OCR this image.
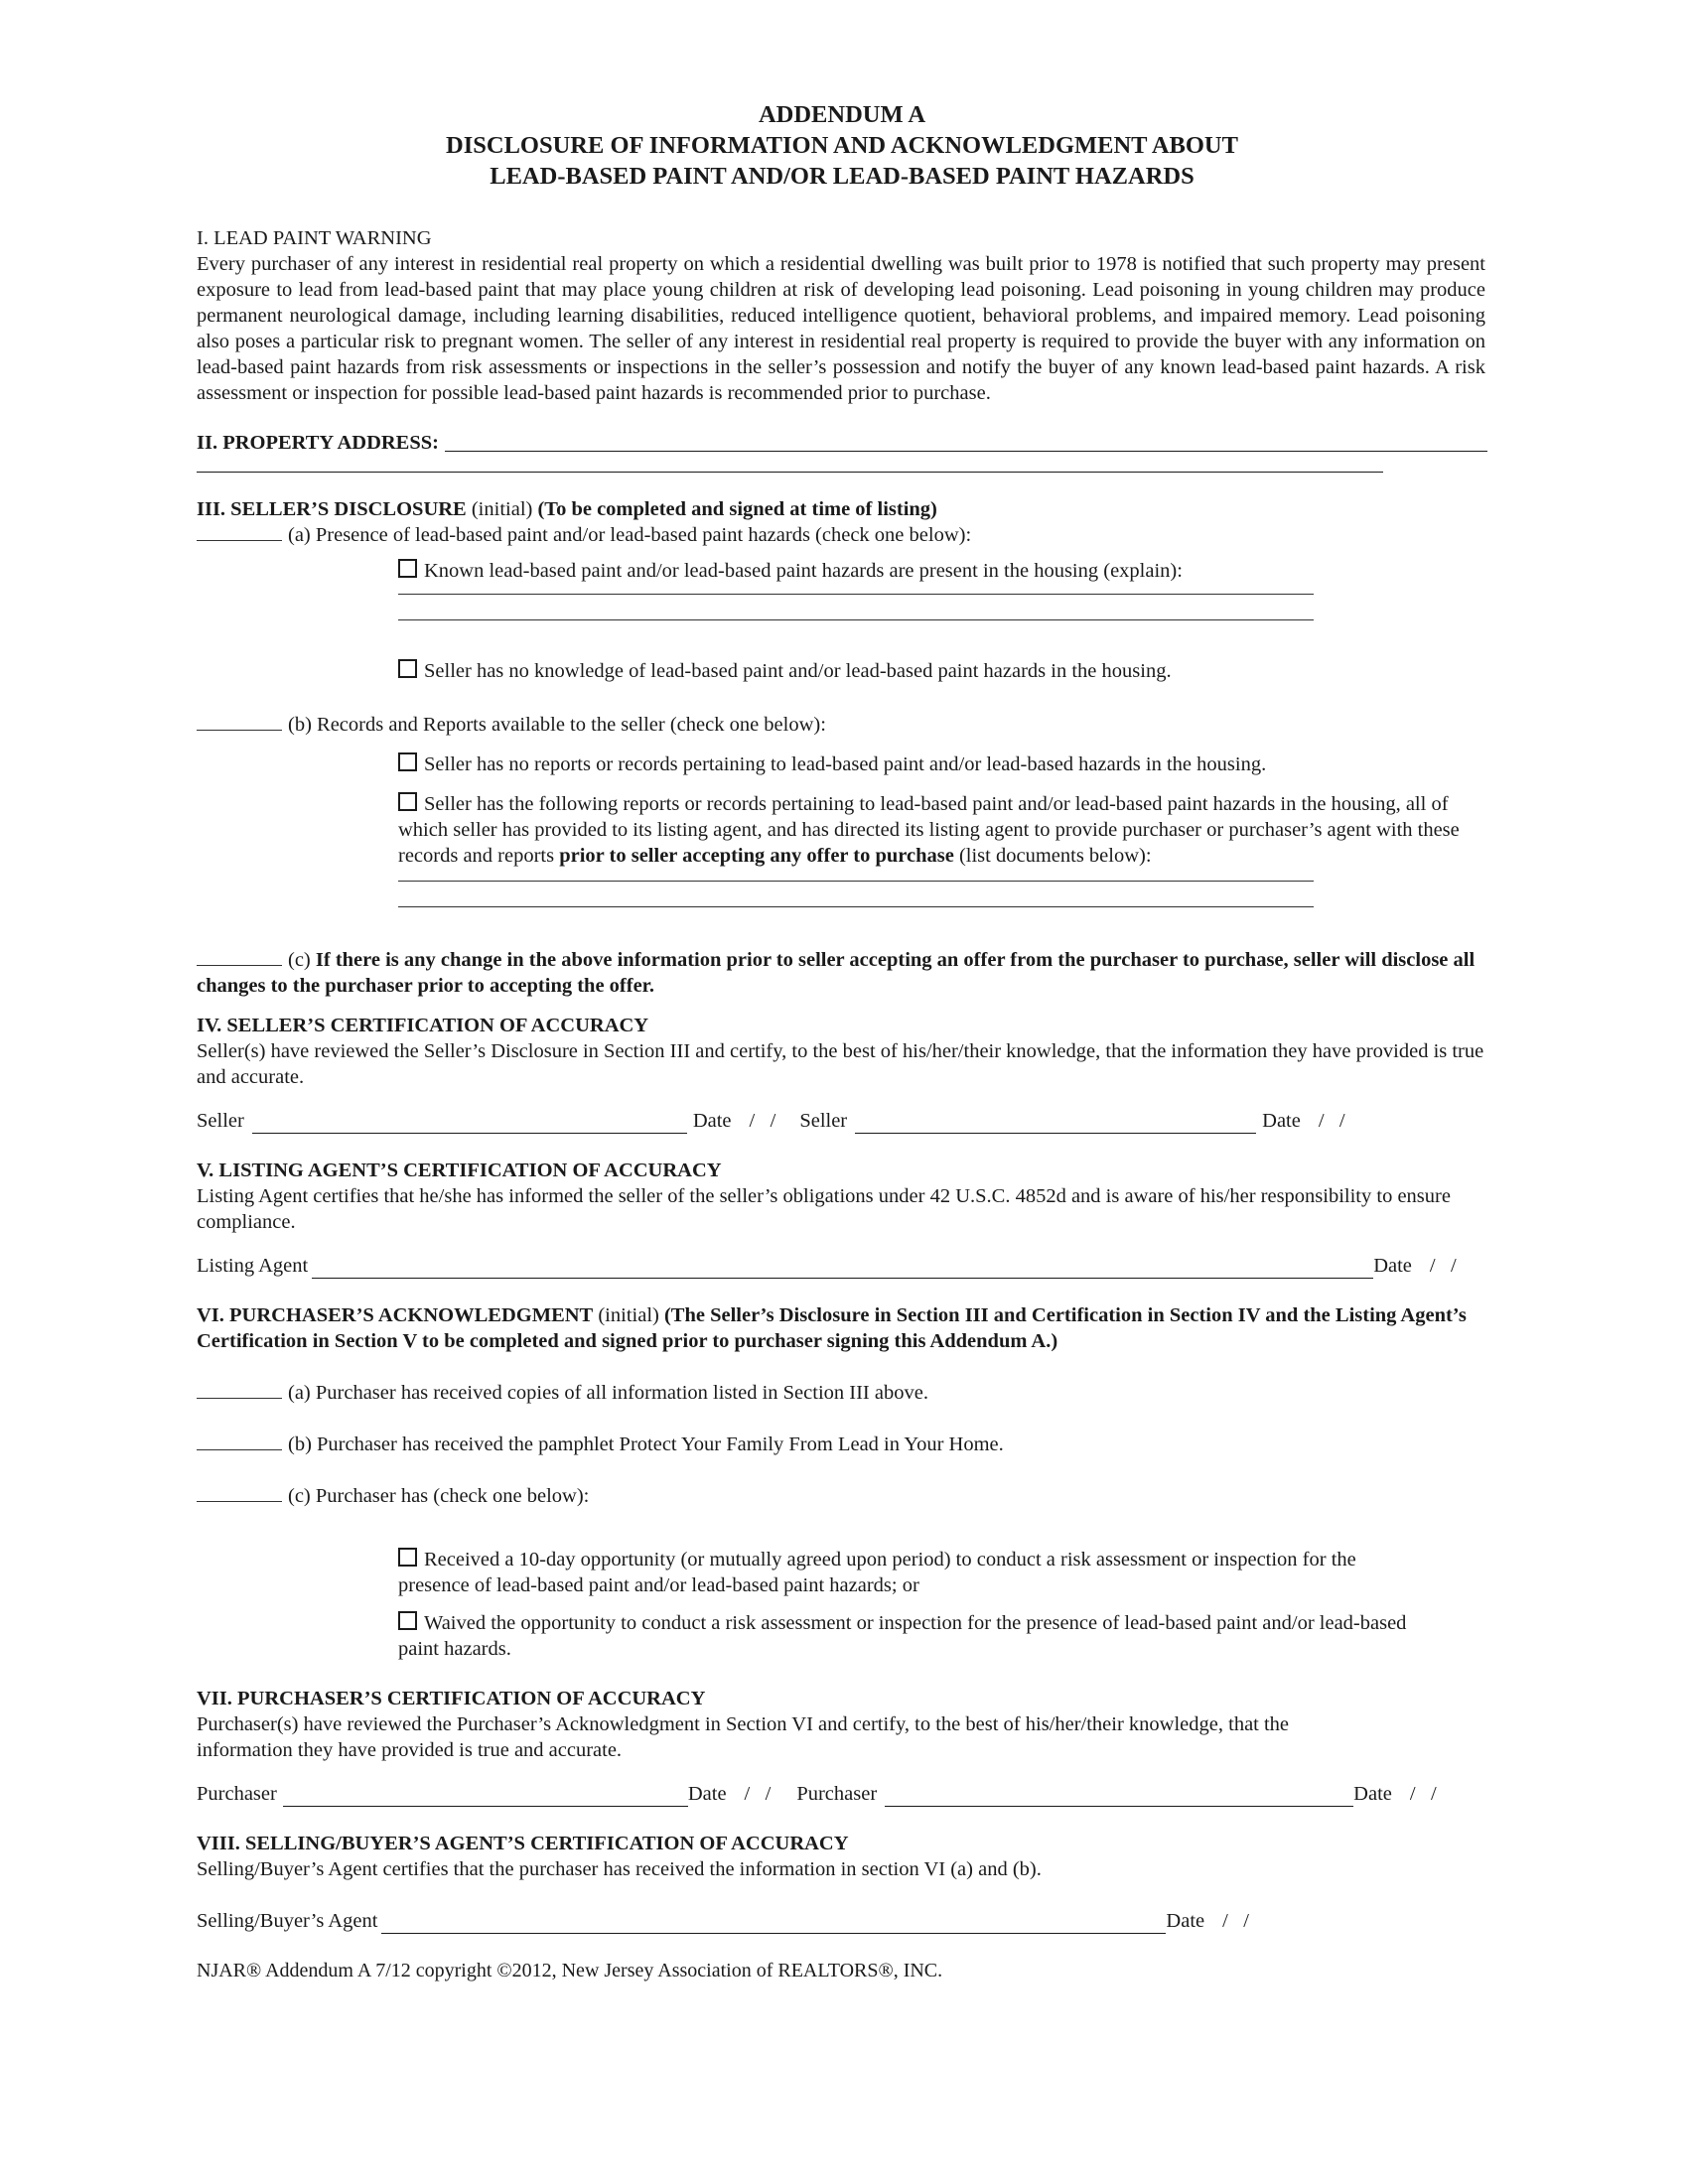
ADDENDUM A

DISCLOSURE OF INFORMATION AND ACKNOWLEDGMENT ABOUT

LEAD-BASED PAINT AND/OR LEAD-BASED PAINT HAZARDS

I. LEAD PAINT WARNING

Every purchaser of any interest in residential real property on which a residential dwelling was built prior to 1978 is notified that such property may present exposure to lead from lead-based paint that may place young children at risk of developing lead poisoning. Lead poisoning in young children may produce permanent neurological damage, including learning disabilities, reduced intelligence quotient, behavioral problems, and impaired memory. Lead poisoning also poses a particular risk to pregnant women. The seller of any interest in residential real property is required to provide the buyer with any information on lead-based paint hazards from risk assessments or inspections in the seller’s possession and notify the buyer of any known lead-based paint hazards. A risk assessment or inspection for possible lead-based paint hazards is recommended prior to purchase.

II. PROPERTY ADDRESS:

III. SELLER’S DISCLOSURE (initial) (To be completed and signed at time of listing)

(a) Presence of lead-based paint and/or lead-based paint hazards (check one below):

Known lead-based paint and/or lead-based paint hazards are present in the housing (explain):

Seller has no knowledge of lead-based paint and/or lead-based paint hazards in the housing.

(b) Records and Reports available to the seller (check one below):

Seller has no reports or records pertaining to lead-based paint and/or lead-based hazards in the housing.

Seller has the following reports or records pertaining to lead-based paint and/or lead-based paint hazards in the housing, all of which seller has provided to its listing agent, and has directed its listing agent to provide purchaser or purchaser’s agent with these records and reports prior to seller accepting any offer to purchase (list documents below):

(c) If there is any change in the above information prior to seller accepting an offer from the purchaser to purchase, seller will disclose all changes to the purchaser prior to accepting the offer.

IV. SELLER’S CERTIFICATION OF ACCURACY

Seller(s) have reviewed the Seller’s Disclosure in Section III and certify, to the best of his/her/their knowledge, that the information they have provided is true and accurate.

Seller	Date /   / Seller	Date /   /

V. LISTING AGENT’S CERTIFICATION OF ACCURACY

Listing Agent certifies that he/she has informed the seller of the seller’s obligations under 42 U.S.C. 4852d and is aware of his/her responsibility to ensure compliance.

Listing Agent	Date /   /

VI. PURCHASER’S ACKNOWLEDGMENT (initial) (The Seller’s Disclosure in Section III and Certification in Section IV and the Listing Agent’s Certification in Section V to be completed and signed prior to purchaser signing this Addendum A.)

(a) Purchaser has received copies of all information listed in Section III above.

(b) Purchaser has received the pamphlet Protect Your Family From Lead in Your Home.

(c) Purchaser has (check one below):

Received a 10-day opportunity (or mutually agreed upon period) to conduct a risk assessment or inspection for the presence of lead-based paint and/or lead-based paint hazards; or

Waived the opportunity to conduct a risk assessment or inspection for the presence of lead-based paint and/or lead-based paint hazards.

VII. PURCHASER’S CERTIFICATION OF ACCURACY

Purchaser(s) have reviewed the Purchaser’s Acknowledgment in Section VI and certify, to the best of his/her/their knowledge, that the information they have provided is true and accurate.

Purchaser	Date /   / Purchaser	Date /   /

VIII. SELLING/BUYER’S AGENT’S CERTIFICATION OF ACCURACY

Selling/Buyer’s Agent certifies that the purchaser has received the information in section VI (a) and (b).

Selling/Buyer’s Agent	Date /   /

NJAR® Addendum A 7/12 copyright ©2012, New Jersey Association of REALTORS®, INC.
